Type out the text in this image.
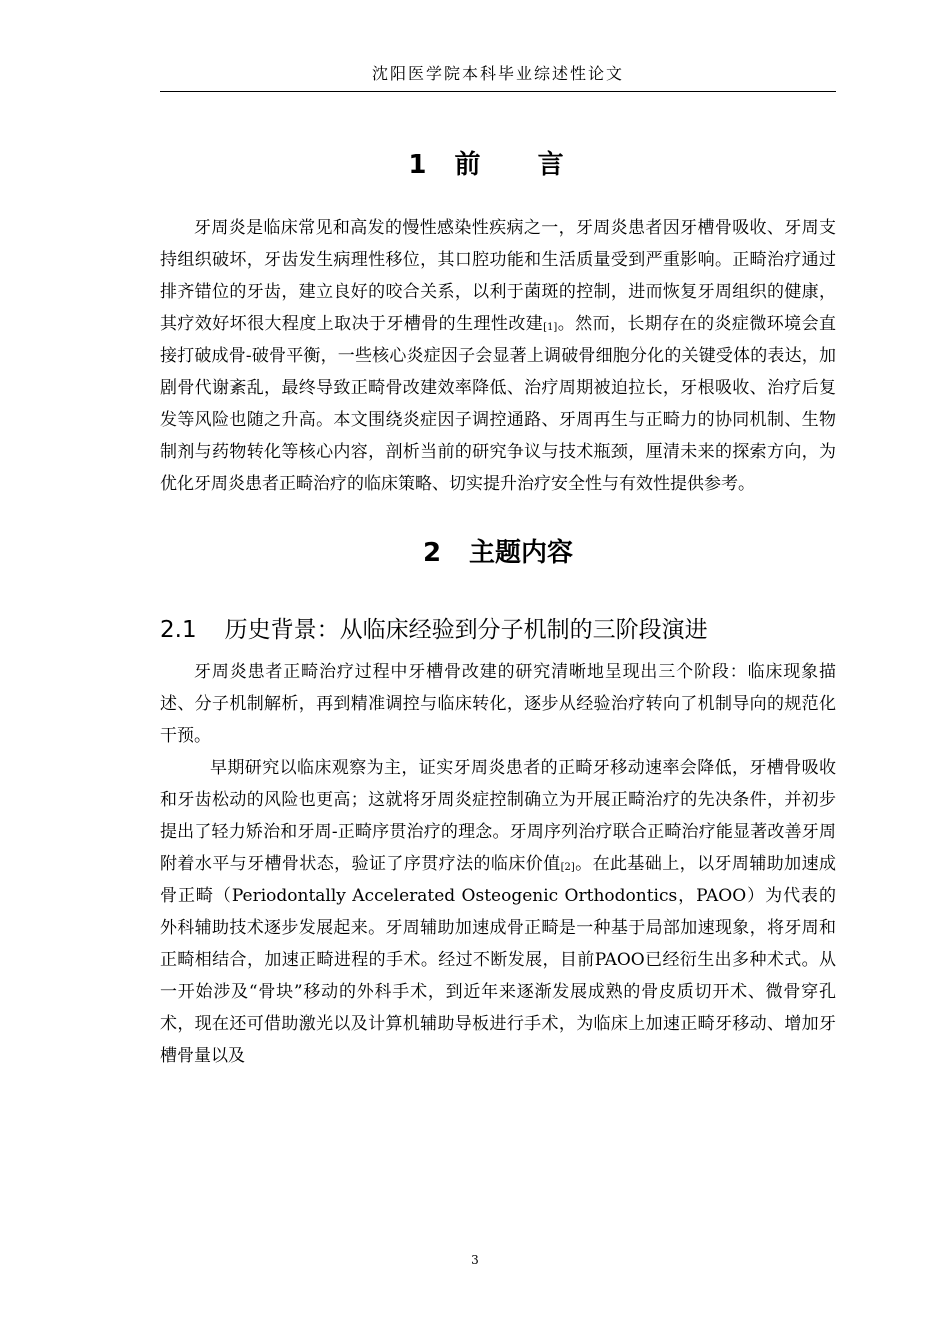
沈阳医学院本科毕业综述性论文
1 前 言

牙周炎是临床常见和高发的慢性感染性疾病之一，牙周炎患者因牙槽骨吸收、牙周支持组织破坏，牙齿发生病理性移位，其口腔功能和生活质量受到严重影响。正畸治疗通过排齐错位的牙齿，建立良好的咬合关系，以利于菌斑的控制，进而恢复牙周组织的健康，其疗效好坏很大程度上取决于牙槽骨的生理性改建[1]。然而，长期存在的炎症微环境会直接打破成骨-破骨平衡，一些核心炎症因子会显著上调破骨细胞分化的关键受体的表达，加剧骨代谢紊乱，最终导致正畸骨改建效率降低、治疗周期被迫拉长，牙根吸收、治疗后复发等风险也随之升高。本文围绕炎症因子调控通路、牙周再生与正畸力的协同机制、生物制剂与药物转化等核心内容，剖析当前的研究争议与技术瓶颈，厘清未来的探索方向，为优化牙周炎患者正畸治疗的临床策略、切实提升治疗安全性与有效性提供参考。

2 主题内容
2.1 历史背景：从临床经验到分子机制的三阶段演进

牙周炎患者正畸治疗过程中牙槽骨改建的研究清晰地呈现出三个阶段：临床现象描述、分子机制解析，再到精准调控与临床转化，逐步从经验治疗转向了机制导向的规范化干预。

早期研究以临床观察为主，证实牙周炎患者的正畸牙移动速率会降低，牙槽骨吸收和牙齿松动的风险也更高；这就将牙周炎症控制确立为开展正畸治疗的先决条件，并初步提出了轻力矫治和牙周-正畸序贯治疗的理念。牙周序列治疗联合正畸治疗能显著改善牙周附着水平与牙槽骨状态，验证了序贯疗法的临床价值[2]。在此基础上，以牙周辅助加速成骨正畸（Periodontally Accelerated Osteogenic Orthodontics，PAOO）为代表的外科辅助技术逐步发展起来。牙周辅助加速成骨正畸是一种基于局部加速现象，将牙周和正畸相结合，加速正畸进程的手术。经过不断发展，目前PAOO已经衍生出多种术式。从一开始涉及“骨块”移动的外科手术，到近年来逐渐发展成熟的骨皮质切开术、微骨穿孔术，现在还可借助激光以及计算机辅助导板进行手术，为临床上加速正畸牙移动、增加牙槽骨量以及

3
